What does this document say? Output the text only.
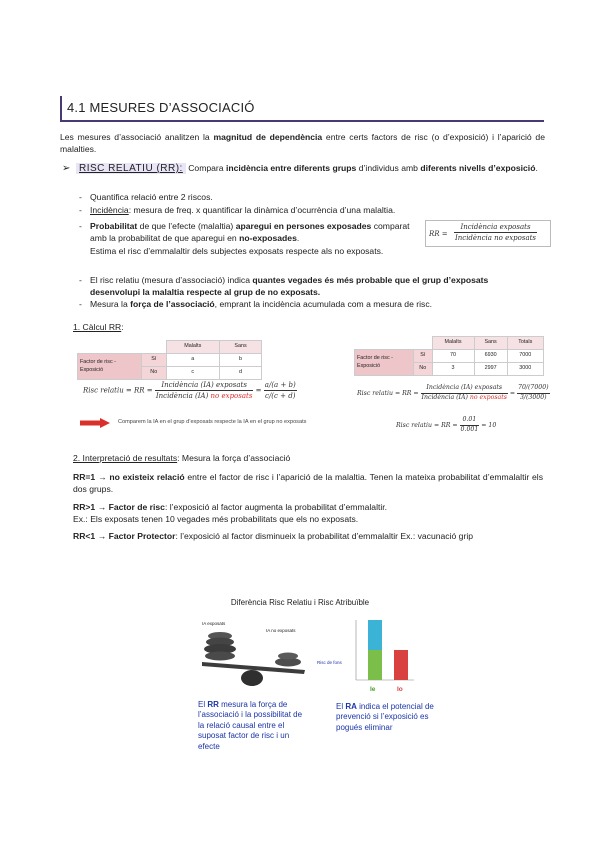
4.1 MESURES D’ASSOCIACIÓ
Les mesures d’associació analitzen la magnitud de dependència entre certs factors de risc (o d’exposició) i l’aparició de malalties.
➢ RISC RELATIU (RR): Compara incidència entre diferents grups d’individus amb diferents nivells d’exposició.
- Quantifica relació entre 2 riscos.
- Incidència: mesura de freq. x quantificar la dinàmica d’ocurrència d’una malaltia.
- Probabilitat de que l’efecte (malaltia) aparegui en persones exposades comparat amb la probabilitat de que aparegui en no-exposades.
Estima el risc d’emmalaltir dels subjectes exposats respecte als no exposats.
RR =
Incidència exposats
Incidència no exposats
- El risc relatiu (mesura d’associació) indica quantes vegades és més probable que el grup d’exposats desenvolupi la malaltia respecte al grup de no exposats.
- Mesura la força de l’associació, emprant la incidència acumulada com a mesura de risc.
1. Càlcul RR:
		Malalts	Sans
Factor de risc - Exposició	Sí	a	b
	No	c	d
Risc relatiu = RR =
Incidència (IA) exposats
Incidència (IA) no exposats
= $\frac{a/(a + b)}{c/(c + d)}$
Comparem la IA en el grup d’exposats respecte la IA en el grup no exposats
		Malalts	Sans	Totals
Factor de risc - Exposició	Sí	70	6930	7000
	No	3	2997	3000
Risc relatiu = RR =
Incidència (IA) exposats
Incidència (IA) no exposats
= $\frac{70/(7000)}{3/(3000)}$
Risc relatiu = RR = $\frac{0.01}{0.001} = 10$
2. Interpretació de resultats: Mesura la força d’associació
RR=1 → no existeix relació entre el factor de risc i l’aparició de la malaltia. Tenen la mateixa probabilitat d’emmalaltir els dos grups.
RR>1 → Factor de risc: l’exposició al factor augmenta la probabilitat d’emmalaltir.
Ex.: Els exposats tenen 10 vegades més probabilitats que els no exposats.
RR<1 → Factor Protector: l’exposició al factor disminueix la probabilitat d’emmalaltir Ex.: vacunació grip
Diferència Risc Relatiu i Risc Atribuïble
IA exposats
IA no exposats
Risc de fons
Ie	Io
El RR mesura la força de l’associació i la possibilitat de la relació causal entre el suposat factor de risc i un efecte
El RA indica el potencial de prevenció si l’exposició es pogués eliminar
